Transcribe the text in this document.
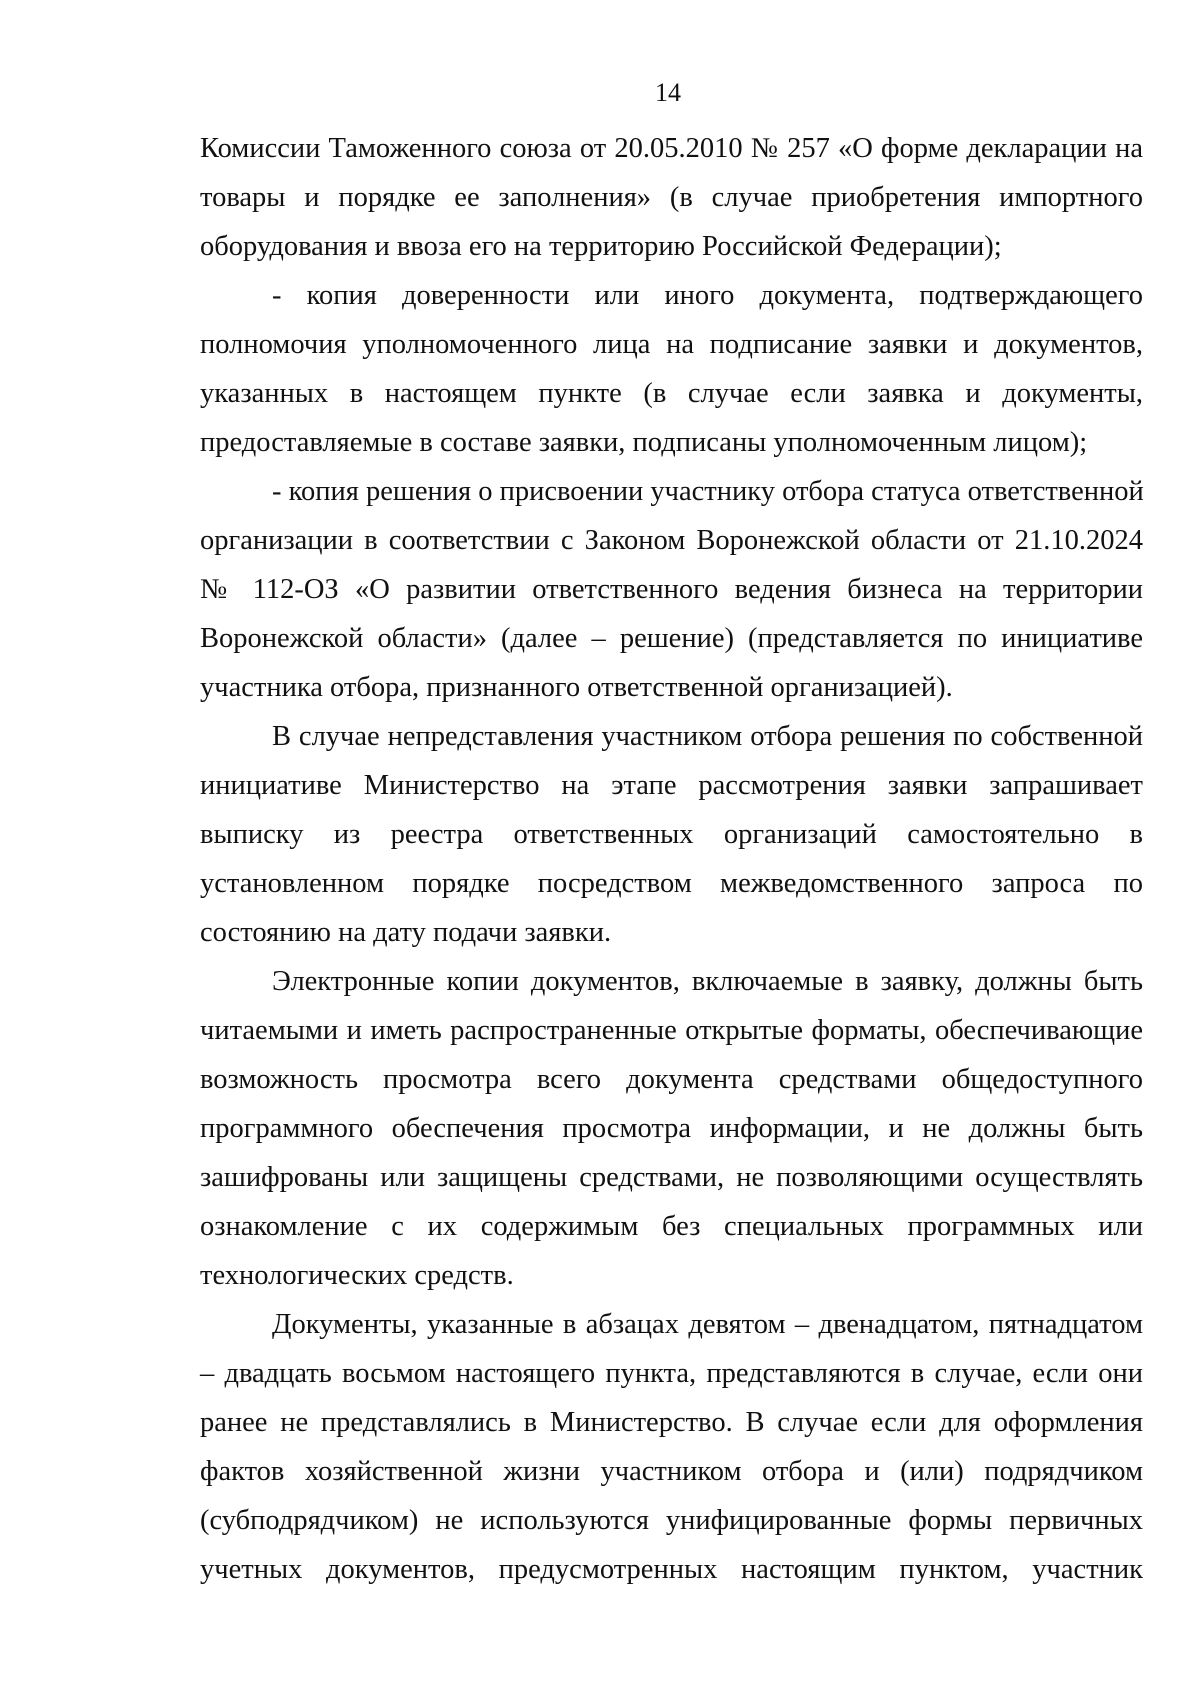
14
Комиссии Таможенного союза от 20.05.2010 № 257 «О форме декларации на
товары и порядке ее заполнения» (в случае приобретения импортного
оборудования и ввоза его на территорию Российской Федерации);
- копия доверенности или иного документа, подтверждающего
полномочия уполномоченного лица на подписание заявки и документов,
указанных в настоящем пункте (в случае если заявка и документы,
предоставляемые в составе заявки, подписаны уполномоченным лицом);
- копия решения о присвоении участнику отбора статуса ответственной
организации в соответствии с Законом Воронежской области от 21.10.2024
№ 112-ОЗ «О развитии ответственного ведения бизнеса на территории
Воронежской области» (далее – решение) (представляется по инициативе
участника отбора, признанного ответственной организацией).
В случае непредставления участником отбора решения по собственной
инициативе Министерство на этапе рассмотрения заявки запрашивает
выписку из реестра ответственных организаций самостоятельно в
установленном порядке посредством межведомственного запроса по
состоянию на дату подачи заявки.
Электронные копии документов, включаемые в заявку, должны быть
читаемыми и иметь распространенные открытые форматы, обеспечивающие
возможность просмотра всего документа средствами общедоступного
программного обеспечения просмотра информации, и не должны быть
зашифрованы или защищены средствами, не позволяющими осуществлять
ознакомление с их содержимым без специальных программных или
технологических средств.
Документы, указанные в абзацах девятом – двенадцатом, пятнадцатом
– двадцать восьмом настоящего пункта, представляются в случае, если они
ранее не представлялись в Министерство. В случае если для оформления
фактов хозяйственной жизни участником отбора и (или) подрядчиком
(субподрядчиком) не используются унифицированные формы первичных
учетных документов, предусмотренных настоящим пунктом, участник
